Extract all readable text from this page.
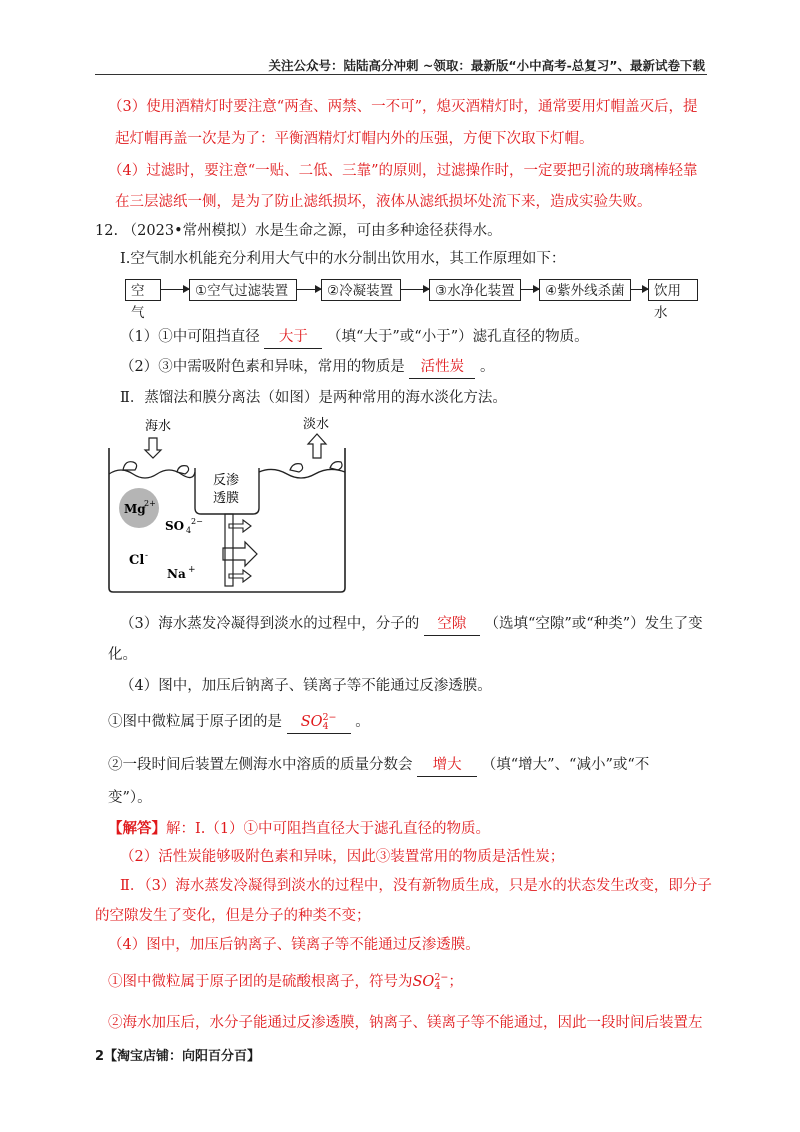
关注公众号：陆陆高分冲刺 ~领取：最新版“小中高考-总复习”、最新试卷下载
（3）使用酒精灯时要注意“两查、两禁、一不可”，熄灭酒精灯时，通常要用灯帽盖灭后，提
起灯帽再盖一次是为了：平衡酒精灯灯帽内外的压强，方便下次取下灯帽。
（4）过滤时，要注意“一贴、二低、三靠”的原则，过滤操作时，一定要把引流的玻璃棒轻靠
在三层滤纸一侧，是为了防止滤纸损坏，液体从滤纸损坏处流下来，造成实验失败。
12. （2023•常州模拟）水是生命之源，可由多种途径获得水。
Ⅰ.空气制水机能充分利用大气中的水分制出饮用水，其工作原理如下：
空气
①空气过滤装置	②冷凝装置	③水净化装置	④紫外线杀菌	饮用水
（1）①中可阻挡直径 大于 （填“大于”或“小于”）滤孔直径的物质。
（2）③中需吸附色素和异味，常用的物质是 活性炭 。
Ⅱ．蒸馏法和膜分离法（如图）是两种常用的海水淡化方法。
海水	淡水
反渗
透膜
Mg
2+
SO 4
2−
Cl -
Na +
（3）海水蒸发冷凝得到淡水的过程中，分子的 空隙 （选填“空隙”或“种类”）发生了变
化。
（4）图中，加压后钠离子、镁离子等不能通过反渗透膜。
①图中微粒属于原子团的是 SO 2−
4	。
②一段时间后装置左侧海水中溶质的质量分数会 增大 （填“增大”、“减小”或“不
变”）。
【解答】解：Ⅰ.（1）①中可阻挡直径大于滤孔直径的物质。
（2）活性炭能够吸附色素和异味，因此③装置常用的物质是活性炭；
Ⅱ．（3）海水蒸发冷凝得到淡水的过程中，没有新物质生成，只是水的状态发生改变，即分子
的空隙发生了变化，但是分子的种类不变；
（4）图中，加压后钠离子、镁离子等不能通过反渗透膜。
①图中微粒属于原子团的是硫酸根离子，符号为SO 2−
4 ；
②海水加压后，水分子能通过反渗透膜，钠离子、镁离子等不能通过，因此一段时间后装置左
2【淘宝店铺：向阳百分百】
